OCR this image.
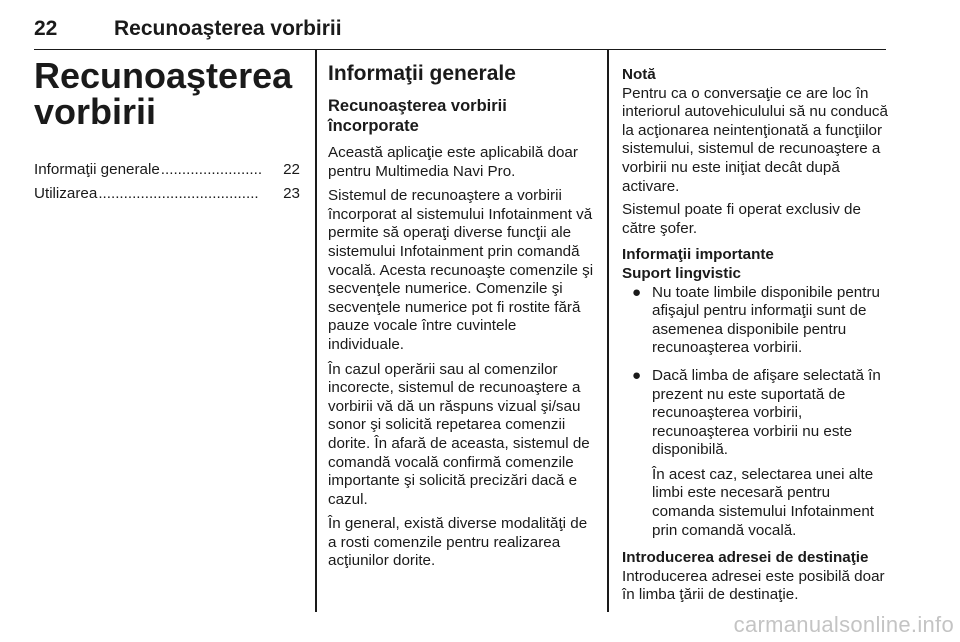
22	Recunoaşterea vorbirii
Recunoaşterea vorbirii
Informaţii generale ........................	22
Utilizarea ......................................	23
Informaţii generale
Recunoaşterea vorbirii încorporate
Această aplicaţie este aplicabilă doar pentru Multimedia Navi Pro.
Sistemul de recunoaştere a vorbirii încorporat al sistemului Infotainment vă permite să operaţi diverse funcţii ale sistemului Infotainment prin comandă vocală. Acesta recunoaşte comenzile şi secvenţele numerice. Comenzile şi secvenţele numerice pot fi rostite fără pauze vocale între cuvintele individuale.
În cazul operării sau al comenzilor incorecte, sistemul de recunoaştere a vorbirii vă dă un răspuns vizual şi/sau sonor şi solicită repetarea comenzii dorite. În afară de aceasta, sistemul de comandă vocală confirmă comenzile importante şi solicită precizări dacă e cazul.
În general, există diverse modalităţi de a rosti comenzile pentru realizarea acţiunilor dorite.
Notă
Pentru ca o conversaţie ce are loc în interiorul autovehiculului să nu conducă la acţionarea neintenţionată a funcţiilor sistemului, sistemul de recunoaştere a vorbirii nu este iniţiat decât după activare.
Sistemul poate fi operat exclusiv de către şofer.
Informaţii importante
Suport lingvistic
● Nu toate limbile disponibile pentru afişajul pentru informaţii sunt de asemenea disponibile pentru recunoaşterea vorbirii.
● Dacă limba de afişare selectată în prezent nu este suportată de recunoaşterea vorbirii, recunoaşterea vorbirii nu este disponibilă.
În acest caz, selectarea unei alte limbi este necesară pentru comanda sistemului Infotainment prin comandă vocală.
Introducerea adresei de destinaţie
Introducerea adresei este posibilă doar în limba ţării de destinaţie.
carmanualsonline.info
